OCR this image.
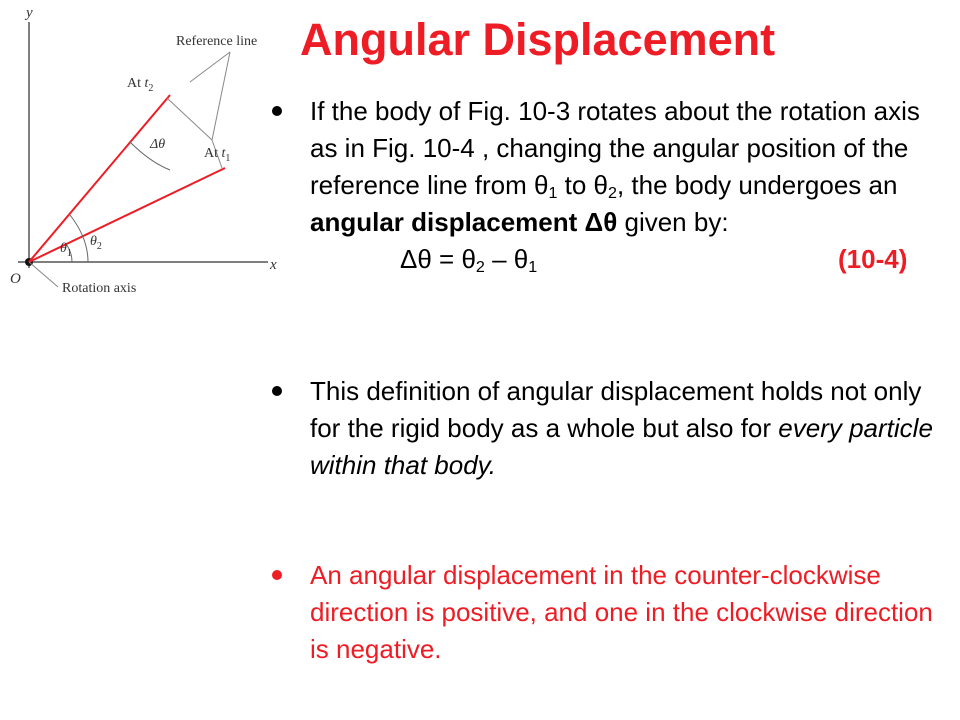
y
x
O
Reference line
At $t_2$
At $t_1$
Δθ
$\theta_1$
$\theta_2$
Rotation axis
Angular Displacement
If the body of Fig. 10-3 rotates about the rotation axis as in Fig. 10-4 , changing the angular position of the reference line from $\theta_1$ to $\theta_2$, the body undergoes an angular displacement Δθ given by:
$\Delta\theta = \theta_2 - \theta_1$	(10-4)
This definition of angular displacement holds not only for the rigid body as a whole but also for every particle within that body.
An angular displacement in the counter-clockwise direction is positive, and one in the clockwise direction is negative.
